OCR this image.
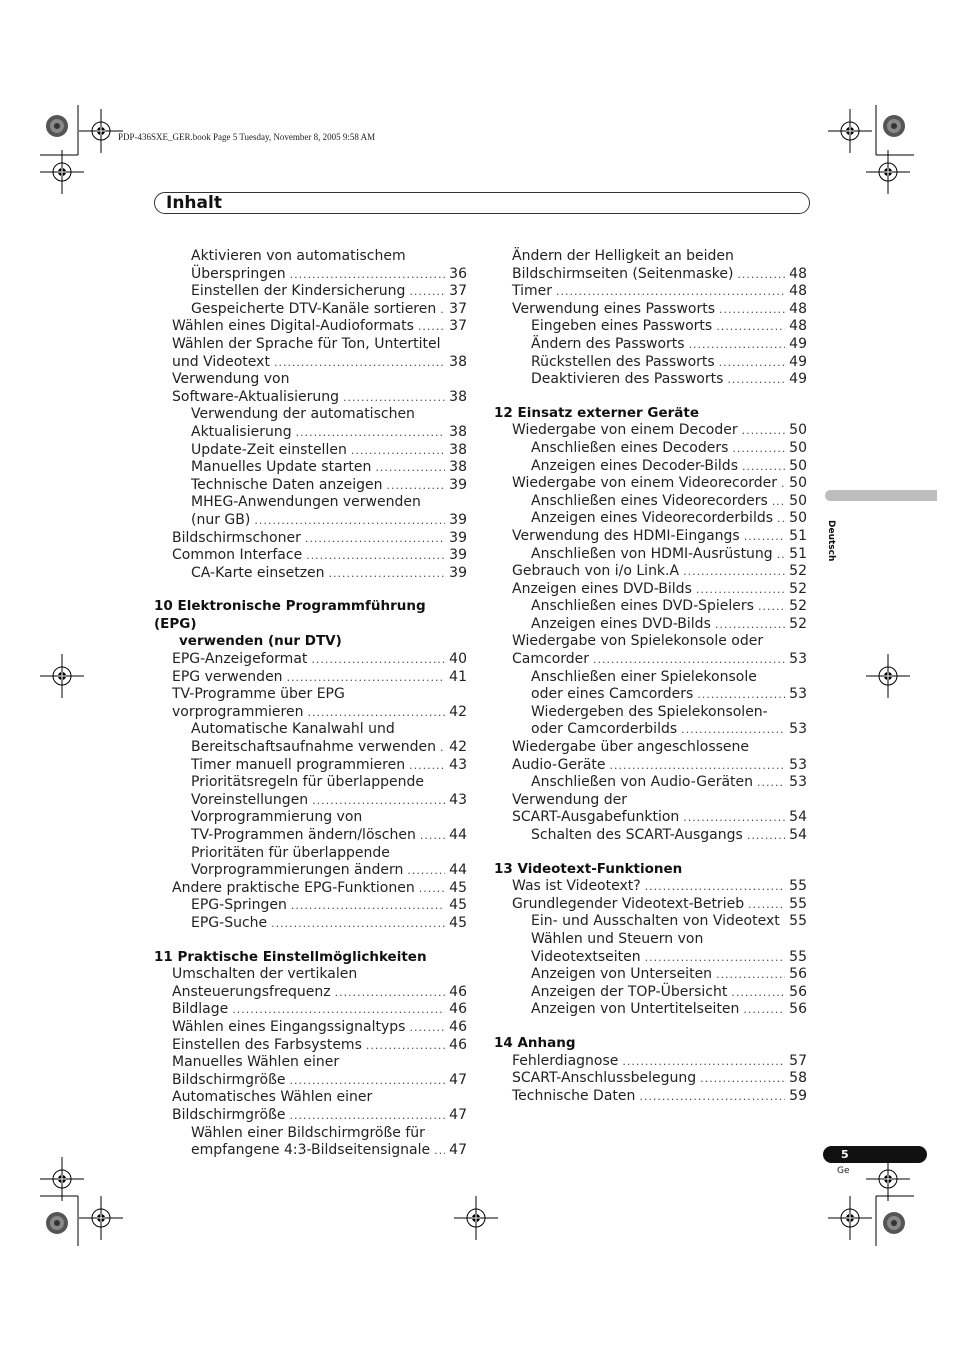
PDP-436SXE_GER.book Page 5 Tuesday, November 8, 2005 9:58 AM
Inhalt
Aktivieren von automatischem
Überspringen .....	36
Einstellen der Kindersicherung .....	37
Gespeicherte DTV-Kanäle sortieren ..... 37
Wählen eines Digital-Audioformats .....	37
Wählen der Sprache für Ton, Untertitel
und Videotext .....	38
Verwendung von
Software-Aktualisierung .....	38
Verwendung der automatischen
Aktualisierung .....	38
Update-Zeit einstellen .....	38
Manuelles Update starten .....	38
Technische Daten anzeigen .....	39
MHEG-Anwendungen verwenden
(nur GB) .....	39
Bildschirmschoner .....	39
Common Interface .....	39
CA-Karte einsetzen .....	39
10 Elektronische Programmführung (EPG)
verwenden (nur DTV)
EPG-Anzeigeformat .....	40
EPG verwenden .....	41
TV-Programme über EPG
vorprogrammieren .....	42
Automatische Kanalwahl und
Bereitschaftsaufnahme verwenden ..... 42
Timer manuell programmieren .....	43
Prioritätsregeln für überlappende
Voreinstellungen .....	43
Vorprogrammierung von
TV-Programmen ändern/löschen ..... 44
Prioritäten für überlappende
Vorprogrammierungen ändern .....	44
Andere praktische EPG-Funktionen ..... 45
EPG-Springen .....	45
EPG-Suche .....	45
11 Praktische Einstellmöglichkeiten
Umschalten der vertikalen
Ansteuerungsfrequenz .....	46
Bildlage .....	46
Wählen eines Eingangssignaltyps .....	46
Einstellen des Farbsystems .....	46
Manuelles Wählen einer
Bildschirmgröße .....	47
Automatisches Wählen einer
Bildschirmgröße .....	47
Wählen einer Bildschirmgröße für
empfangene 4:3-Bildseitensignale ..... 47
Ändern der Helligkeit an beiden
Bildschirmseiten (Seitenmaske) .....	48
Timer .....	48
Verwendung eines Passworts .....	48
Eingeben eines Passworts .....	48
Ändern des Passworts .....	49
Rückstellen des Passworts .....	49
Deaktivieren des Passworts .....	49
12 Einsatz externer Geräte
Wiedergabe von einem Decoder .....	50
Anschließen eines Decoders .....	50
Anzeigen eines Decoder-Bilds .....	50
Wiedergabe von einem Videorecorder ..... 50
Anschließen eines Videorecorders ..... 50
Anzeigen eines Videorecorderbilds ..... 50
Verwendung des HDMI-Eingangs .....	51
Anschließen von HDMI-Ausrüstung ..... 51
Gebrauch von i/o Link.A .....	52
Anzeigen eines DVD-Bilds .....	52
Anschließen eines DVD-Spielers .....	52
Anzeigen eines DVD-Bilds .....	52
Wiedergabe von Spielekonsole oder
Camcorder .....	53
Anschließen einer Spielekonsole
oder eines Camcorders .....	53
Wiedergeben des Spielekonsolen-
oder Camcorderbilds .....	53
Wiedergabe über angeschlossene
Audio-Geräte .....	53
Anschließen von Audio-Geräten .....	53
Verwendung der
SCART-Ausgabefunktion .....	54
Schalten des SCART-Ausgangs .....	54
13 Videotext-Funktionen
Was ist Videotext? .....	55
Grundlegender Videotext-Betrieb .....	55
Ein- und Ausschalten von Videotext ..... 55
Wählen und Steuern von
Videotextseiten .....	55
Anzeigen von Unterseiten .....	56
Anzeigen der TOP-Übersicht .....	56
Anzeigen von Untertitelseiten .....	56
14 Anhang
Fehlerdiagnose .....	57
SCART-Anschlussbelegung .....	58
Technische Daten .....	59
Deutsch
5
Ge
